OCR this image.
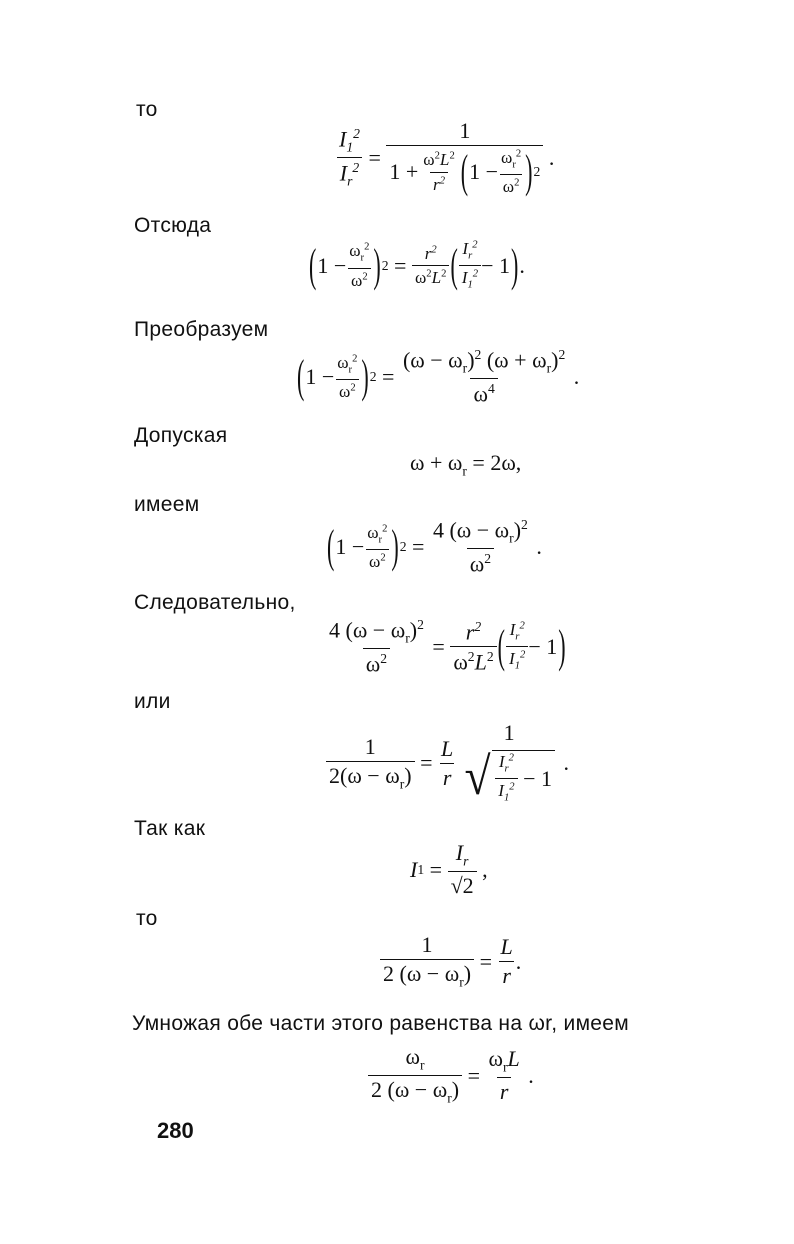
то
Отсюда
Преобразуем
Допуская
имеем
Следовательно,
или
Так как
то
Умножая обе части этого равенства на ωr, имеем
$\frac{I_1^2}{I_r^2} = 1$
$1 + \omega^2L^2$
$r^2$ ( 1 −
$\omega_r^2$
$\omega^2$ ) 2 .
( 1 −
$\omega_r^2$
$\omega^2$ ) $2 = \frac{r^2}{\omega^2L^2}$ ( $I_r^2$
$I_1^2 - 1$ ) .
( 1 −
$\omega_r^2$
$\omega^2$ ) $2 = \frac{(\omega - \omega_r)^2 (\omega + \omega_r)^2}{\omega^4}$ .
$\omega + \omega_r = 2\omega$,
( 1 −
$\omega_r^2$
$\omega^2$ ) $2 = \frac{4 (\omega - \omega_r)^2}{\omega^2}$ .
$\frac{4 (\omega - \omega_r)^2}{\omega^2} = \frac{r^2}{\omega^2L^2}$ ( $I_r^2$
$I_1^2 - 1$ )
$\frac{1}{2(\omega - \omega_r)} = \frac{L}{r}$
1
√ $I_r^2$
$I_1^2 - 1$
.
I $1 = \frac{I_r}{√2}$ ,
$\frac{1}{2 (\omega - \omega_r)} = \frac{L}{r}$ .
$\frac{\omega_r}{2 (\omega - \omega_r)}$ =
$\omega_rL$
r
.
280
